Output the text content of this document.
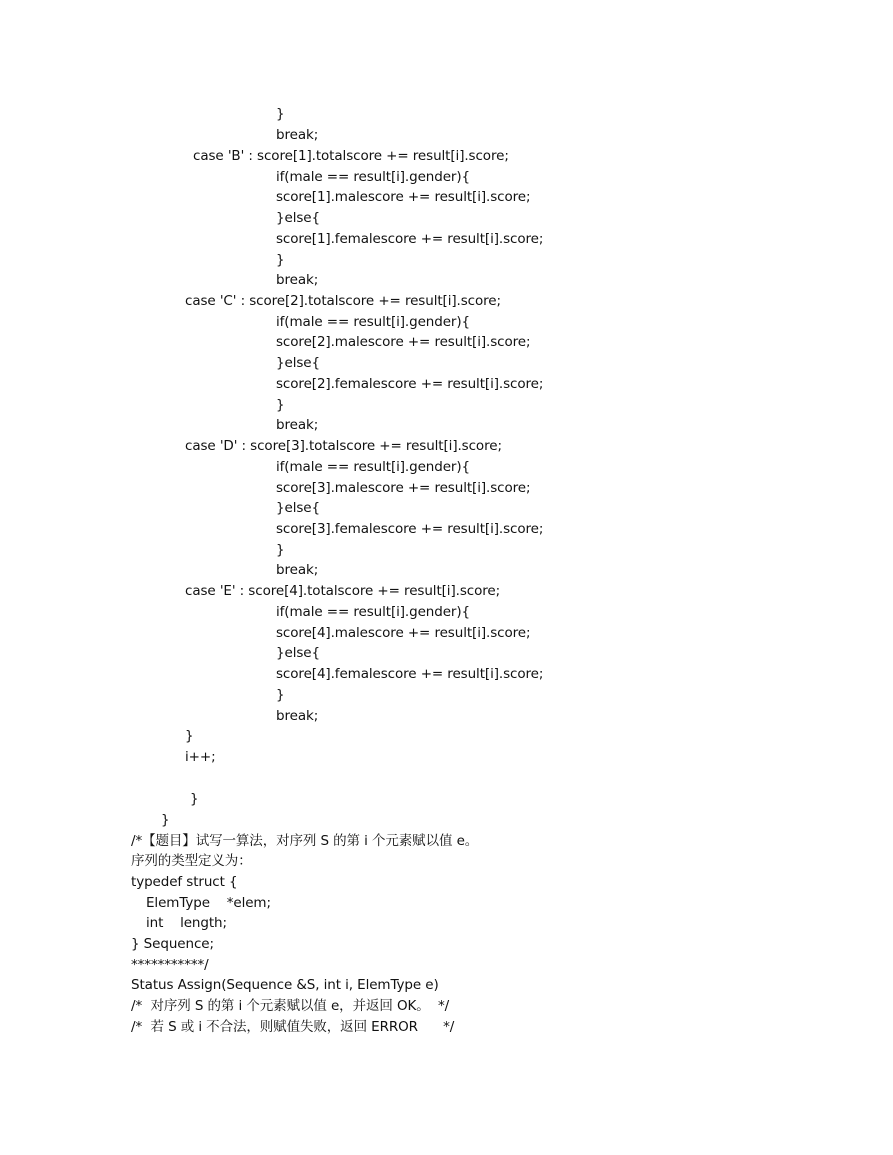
}
break;
case 'B' : score[1].totalscore += result[i].score;
if(male == result[i].gender){
score[1].malescore += result[i].score;
}else{
score[1].femalescore += result[i].score;
}
break;
case 'C' : score[2].totalscore += result[i].score;
if(male == result[i].gender){
score[2].malescore += result[i].score;
}else{
score[2].femalescore += result[i].score;
}
break;
case 'D' : score[3].totalscore += result[i].score;
if(male == result[i].gender){
score[3].malescore += result[i].score;
}else{
score[3].femalescore += result[i].score;
}
break;
case 'E' : score[4].totalscore += result[i].score;
if(male == result[i].gender){
score[4].malescore += result[i].score;
}else{
score[4].femalescore += result[i].score;
}
break;
}
i++;
}
}
/*【题目】试写一算法，对序列 S 的第 i 个元素赋以值 e。
序列的类型定义为：
typedef struct {
ElemType    *elem;
int    length;
} Sequence;
***********/
Status Assign(Sequence &S, int i, ElemType e)
/*  对序列 S 的第 i 个元素赋以值 e，并返回 OK。  */
/*  若 S 或 i 不合法，则赋值失败，返回 ERROR      */
